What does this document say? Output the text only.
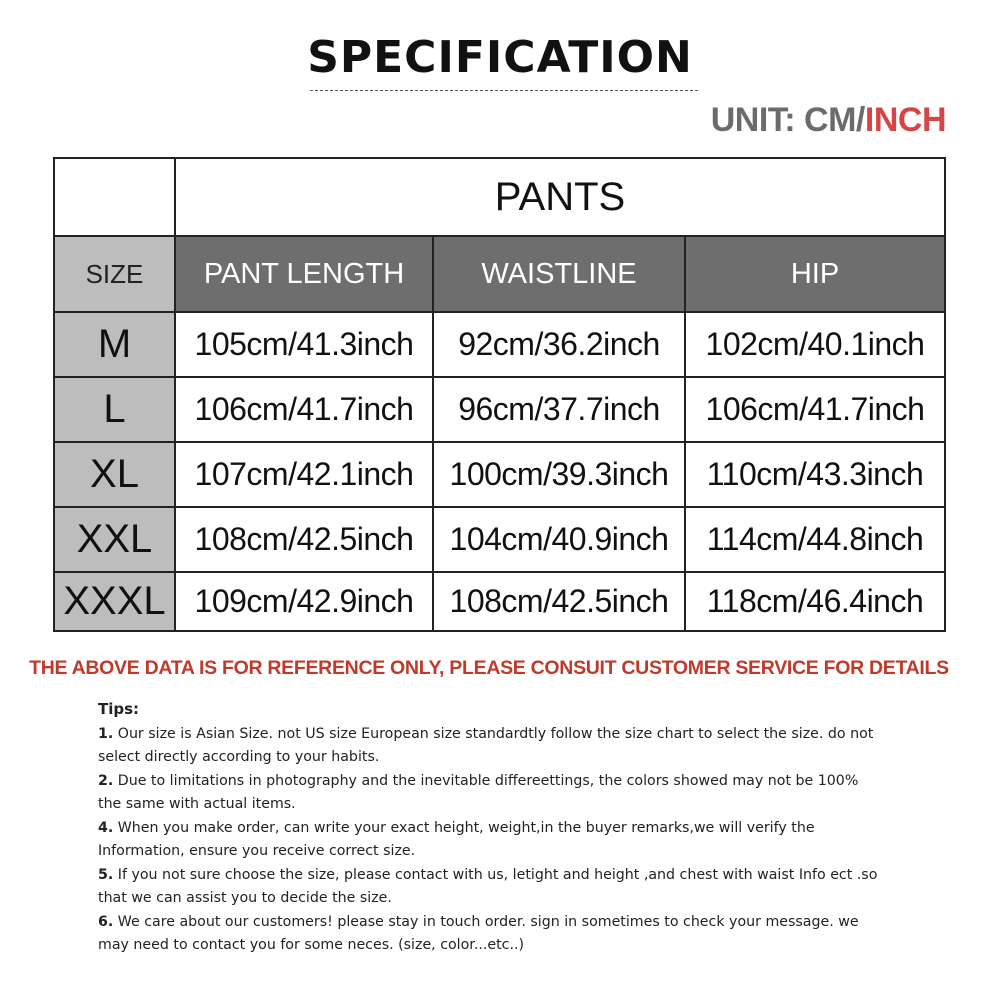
SPECIFICATION
UNIT: CM/INCH
	PANTS		
SIZE	PANT LENGTH	WAISTLINE	HIP
M	105cm/41.3inch	92cm/36.2inch	102cm/40.1inch
L	106cm/41.7inch	96cm/37.7inch	106cm/41.7inch
XL	107cm/42.1inch	100cm/39.3inch	110cm/43.3inch
XXL	108cm/42.5inch	104cm/40.9inch	114cm/44.8inch
XXXL	109cm/42.9inch	108cm/42.5inch	118cm/46.4inch
THE ABOVE DATA IS FOR REFERENCE ONLY, PLEASE CONSUIT CUSTOMER SERVICE FOR DETAILS
Tips:

1. Our size is Asian Size. not US size European size standardtly follow the size chart to select the size. do not select directly according to your habits.

2. Due to limitations in photography and the inevitable differeettings, the colors showed may not be 100% the same with actual items.

4. When you make order, can write your exact height, weight,in the buyer remarks,we will verify the Information, ensure you receive correct size.

5. If you not sure choose the size, please contact with us, letight and height ,and chest with waist Info ect .so that we can assist you to decide the size.

6. We care about our customers! please stay in touch order. sign in sometimes to check your message. we may need to contact you for some neces. (size, color...etc..)
